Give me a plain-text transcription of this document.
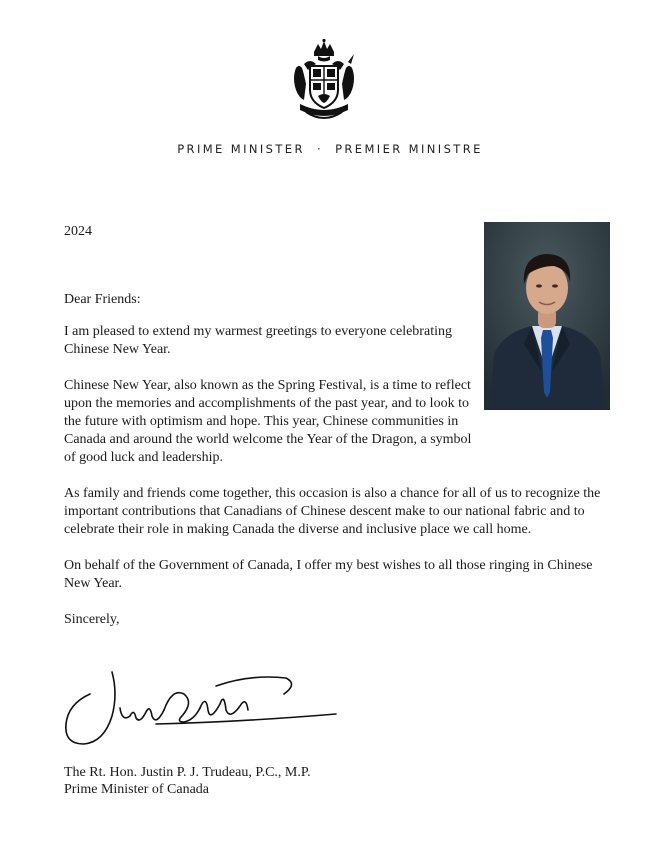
PRIME MINISTER · PREMIER MINISTRE
2024

Dear Friends:

I am pleased to extend my warmest greetings to everyone celebrating Chinese New Year.

Chinese New Year, also known as the Spring Festival, is a time to reflect upon the memories and accomplishments of the past year, and to look to the future with optimism and hope. This year, Chinese communities in Canada and around the world welcome the Year of the Dragon, a symbol of good luck and leadership.

As family and friends come together, this occasion is also a chance for all of us to recognize the important contributions that Canadians of Chinese descent make to our national fabric and to celebrate their role in making Canada the diverse and inclusive place we call home.

On behalf of the Government of Canada, I offer my best wishes to all those ringing in Chinese New Year.

Sincerely,

The Rt. Hon. Justin P. J. Trudeau, P.C., M.P.
Prime Minister of Canada
